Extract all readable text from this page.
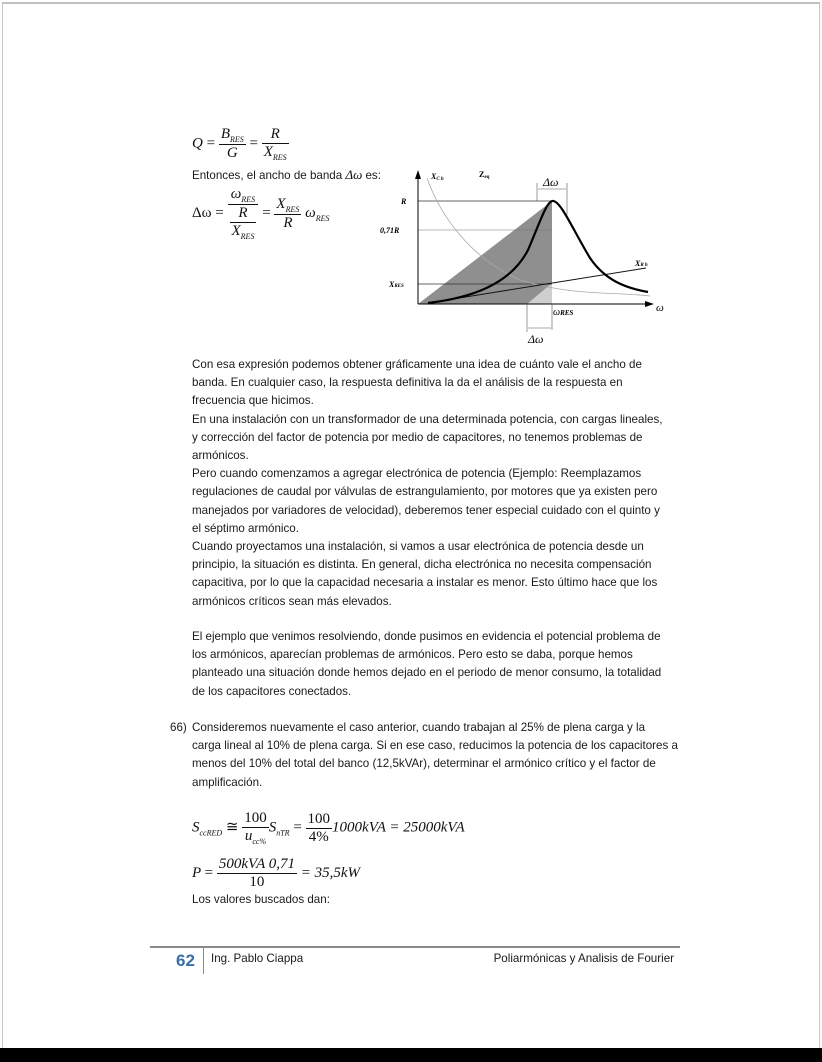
$Q = \frac{B_{RES}}{G} = \frac{R}{X_{RES}}$
Entonces, el ancho de banda Δω es:
$\Delta\omega = \frac{\omega_{RES}}{\frac{R}{X_{RES}}} = \frac{X_{RES}}{R} \omega_{RES}$
XC h
Zeq	Δω
R
0,71R
XRES
XR h
ωRES	ω
Δω
Con esa expresión podemos obtener gráficamente una idea de cuánto vale el ancho de
banda. En cualquier caso, la respuesta definitiva la da el análisis de la respuesta en
frecuencia que hicimos.
En una instalación con un transformador de una determinada potencia, con cargas lineales,
y corrección del factor de potencia por medio de capacitores, no tenemos problemas de
armónicos.
Pero cuando comenzamos a agregar electrónica de potencia (Ejemplo: Reemplazamos
regulaciones de caudal por válvulas de estrangulamiento, por motores que ya existen pero
manejados por variadores de velocidad), deberemos tener especial cuidado con el quinto y
el séptimo armónico.
Cuando proyectamos una instalación, si vamos a usar electrónica de potencia desde un
principio, la situación es distinta. En general, dicha electrónica no necesita compensación
capacitiva, por lo que la capacidad necesaria a instalar es menor. Esto último hace que los
armónicos críticos sean más elevados.
El ejemplo que venimos resolviendo, donde pusimos en evidencia el potencial problema de
los armónicos, aparecían problemas de armónicos. Pero esto se daba, porque hemos
planteado una situación donde hemos dejado en el periodo de menor consumo, la totalidad
de los capacitores conectados.
66) Consideremos nuevamente el caso anterior, cuando trabajan al 25% de plena carga y la
carga lineal al 10% de plena carga. Si en ese caso, reducimos la potencia de los capacitores a
menos del 10% del total del banco (12,5kVAr), determinar el armónico crítico y el factor de
amplificación.
$S_{ccRED}$ ≅ $\frac{100}{u_{cc\%}} S_{nTR} = \frac{100}{4\%} 1000kVA = 25000kVA$
$P = \frac{\text{500kVA 0,71}}{10} = 35,5kW$
Los valores buscados dan:
62 Ing. Pablo Ciappa	Poliarmónicas y Analisis de Fourier
